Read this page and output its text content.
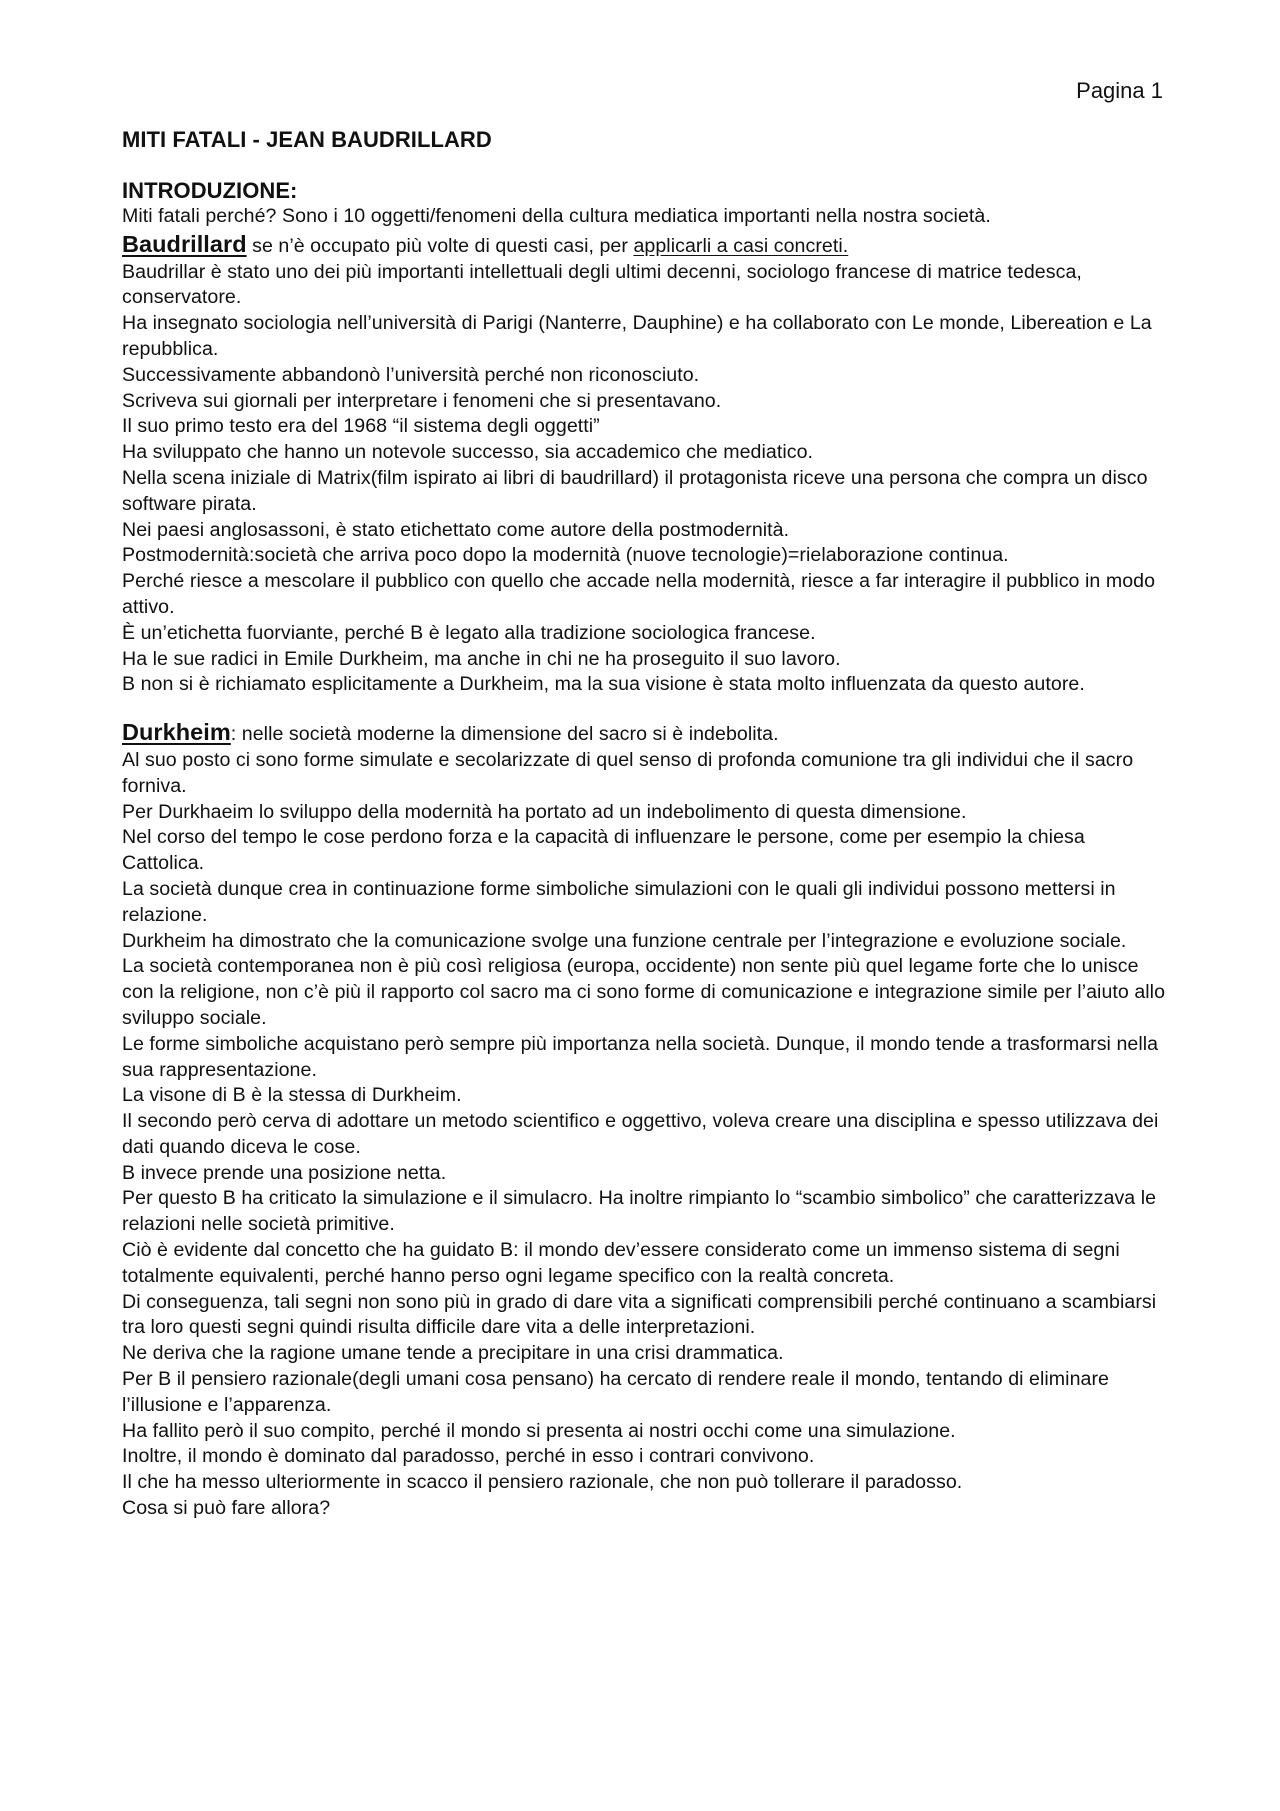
Pagina 1
MITI FATALI - JEAN BAUDRILLARD
INTRODUZIONE:

Miti fatali perché? Sono i 10 oggetti/fenomeni della cultura mediatica importanti nella nostra società.

Baudrillard se n’è occupato più volte di questi casi, per applicarli a casi concreti.

Baudrillar è stato uno dei più importanti intellettuali degli ultimi decenni, sociologo francese di matrice tedesca, conservatore.

Ha insegnato sociologia nell’università di Parigi (Nanterre, Dauphine) e ha collaborato con Le monde, Libereation e La repubblica.

Successivamente abbandonò l’università perché non riconosciuto.

Scriveva sui giornali per interpretare i fenomeni che si presentavano.

Il suo primo testo era del 1968 “il sistema degli oggetti”

Ha sviluppato che hanno un notevole successo, sia accademico che mediatico.

Nella scena iniziale di Matrix(film ispirato ai libri di baudrillard) il protagonista riceve una persona che compra un disco software pirata.

Nei paesi anglosassoni, è stato etichettato come autore della postmodernità.

Postmodernità:società che arriva poco dopo la modernità (nuove tecnologie)=rielaborazione continua.

Perché riesce a mescolare il pubblico con quello che accade nella modernità, riesce a far interagire il pubblico in modo attivo.

È un’etichetta fuorviante, perché B è legato alla tradizione sociologica francese.

Ha le sue radici in Emile Durkheim, ma anche in chi ne ha proseguito il suo lavoro.

B non si è richiamato esplicitamente a Durkheim, ma la sua visione è stata molto influenzata da questo autore.

Durkheim: nelle società moderne la dimensione del sacro si è indebolita.

Al suo posto ci sono forme simulate e secolarizzate di quel senso di profonda comunione tra gli individui che il sacro forniva.

Per Durkhaeim lo sviluppo della modernità ha portato ad un indebolimento di questa dimensione.

Nel corso del tempo le cose perdono forza e la capacità di influenzare le persone, come per esempio la chiesa Cattolica.

La società dunque crea in continuazione forme simboliche simulazioni con le quali gli individui possono mettersi in relazione.

Durkheim ha dimostrato che la comunicazione svolge una funzione centrale per l’integrazione e evoluzione sociale.

La società contemporanea non è più così religiosa (europa, occidente) non sente più quel legame forte che lo unisce con la religione, non c’è più il rapporto col sacro ma ci sono forme di comunicazione e integrazione simile per l’aiuto allo sviluppo sociale.

Le forme simboliche acquistano però sempre più importanza nella società. Dunque, il mondo tende a trasformarsi nella sua rappresentazione.

La visone di B è la stessa di Durkheim.

Il secondo però cerva di adottare un metodo scientifico e oggettivo, voleva creare una disciplina e spesso utilizzava dei dati quando diceva le cose.

B invece prende una posizione netta.

Per questo B ha criticato la simulazione e il simulacro. Ha inoltre rimpianto lo “scambio simbolico” che caratterizzava le relazioni nelle società primitive.

Ciò è evidente dal concetto che ha guidato B: il mondo dev’essere considerato come un immenso sistema di segni totalmente equivalenti, perché hanno perso ogni legame specifico con la realtà concreta.

Di conseguenza, tali segni non sono più in grado di dare vita a significati comprensibili perché continuano a scambiarsi tra loro questi segni quindi risulta difficile dare vita a delle interpretazioni.

Ne deriva che la ragione umane tende a precipitare in una crisi drammatica.

Per B il pensiero razionale(degli umani cosa pensano) ha cercato di rendere reale il mondo, tentando di eliminare l’illusione e l’apparenza.

Ha fallito però il suo compito, perché il mondo si presenta ai nostri occhi come una simulazione.

Inoltre, il mondo è dominato dal paradosso, perché in esso i contrari convivono.

Il che ha messo ulteriormente in scacco il pensiero razionale, che non può tollerare il paradosso.

Cosa si può fare allora?
